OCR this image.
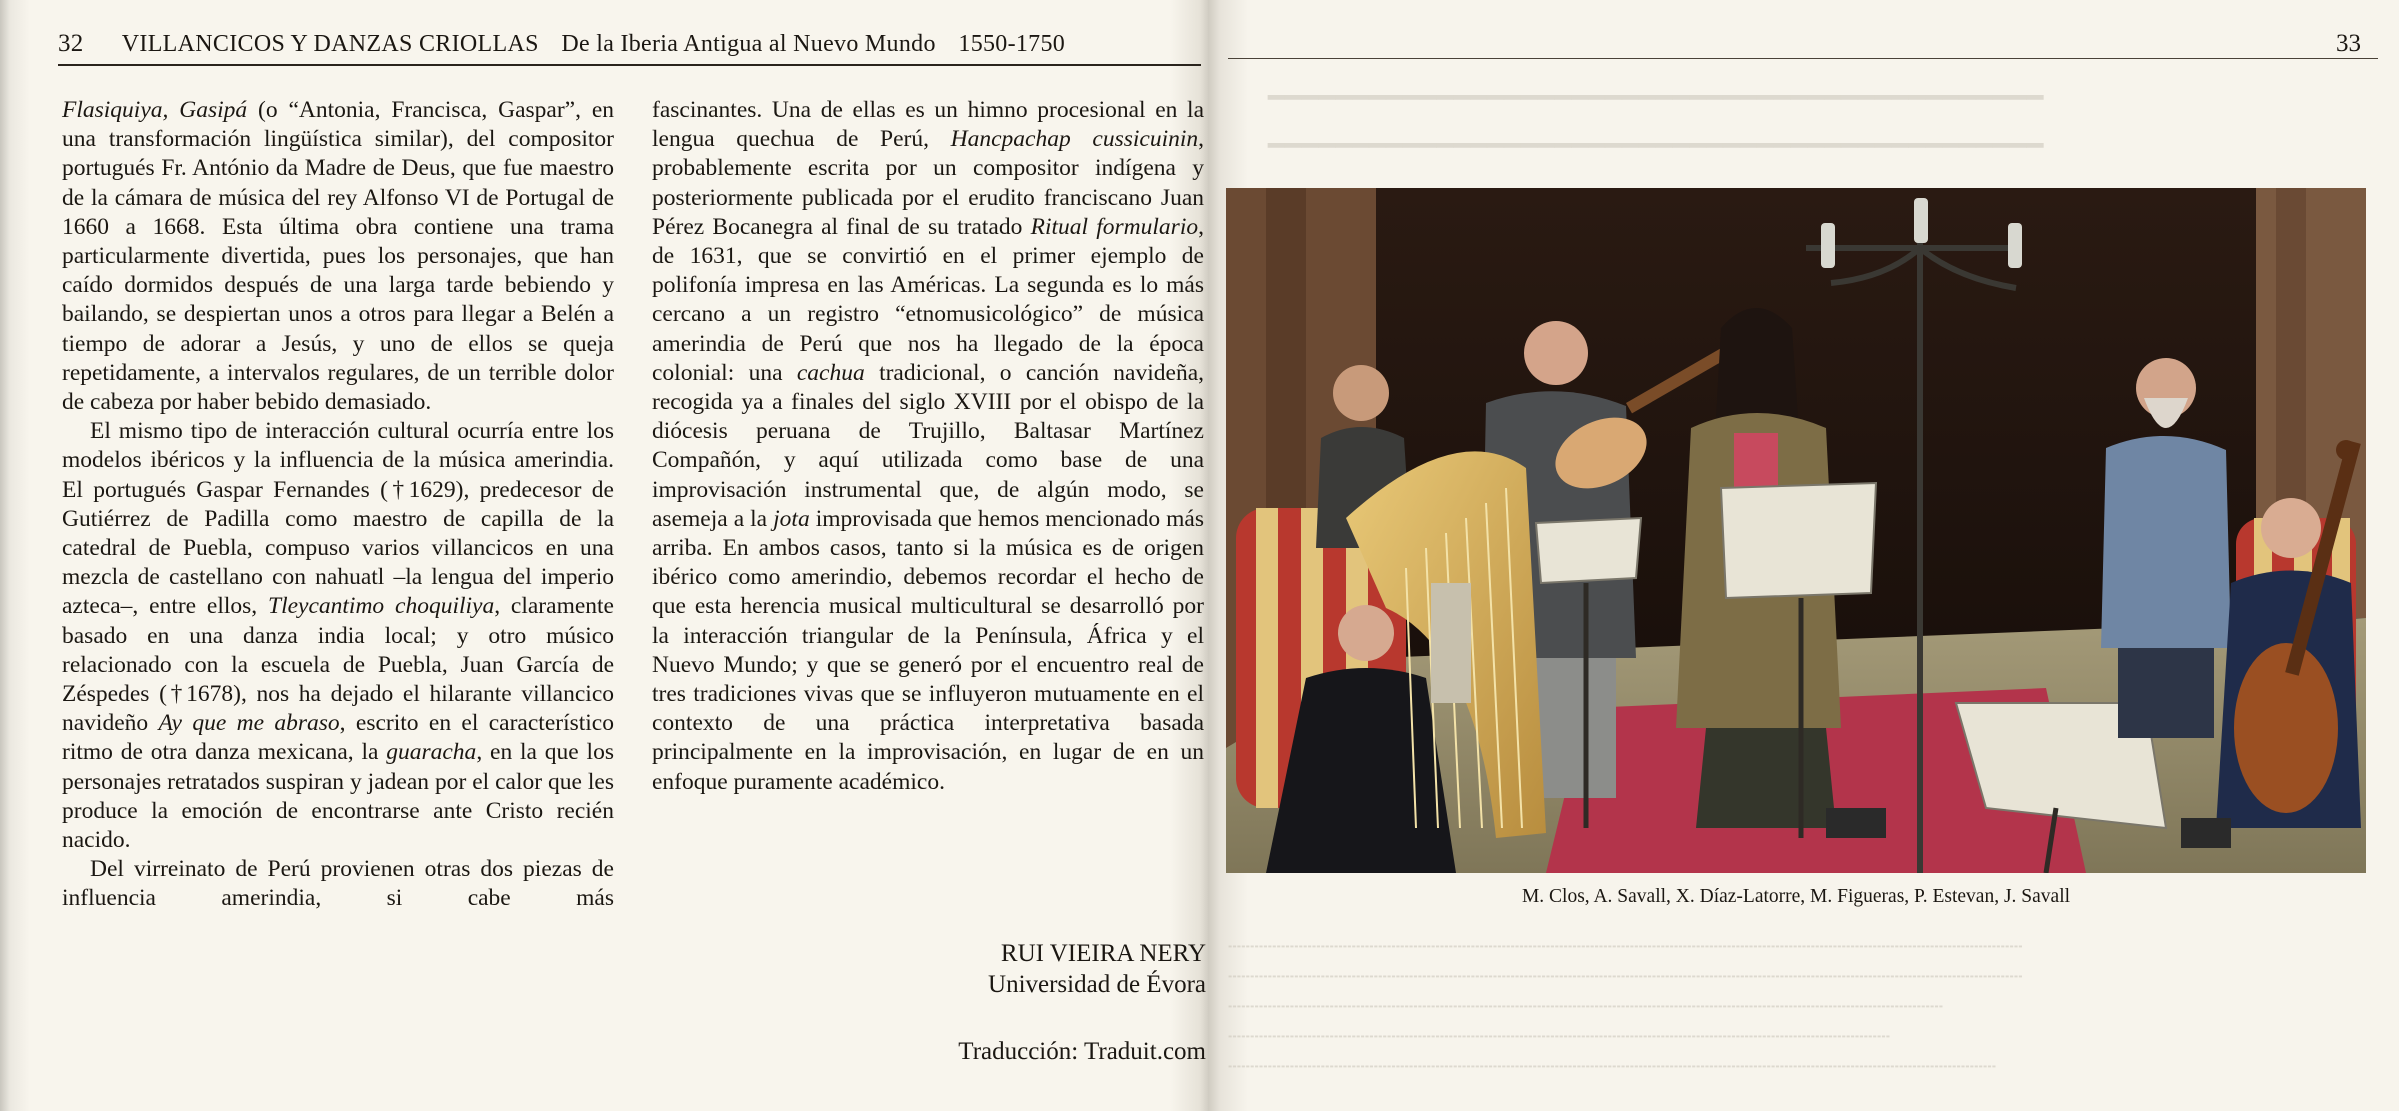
32 VILLANCICOS Y DANZAS CRIOLLAS De la Iberia Antigua al Nuevo Mundo 1550-1750

Flasiquiya, Gasipá (o “Antonia, Francisca, Gaspar”, en una transformación lingüística similar), del compositor portugués Fr. António da Madre de Deus, que fue maestro de la cámara de música del rey Alfonso VI de Portugal de 1660 a 1668. Esta última obra contiene una trama particularmente divertida, pues los personajes, que han caído dormidos después de una larga tarde bebiendo y bailando, se despiertan unos a otros para llegar a Belén a tiempo de adorar a Jesús, y uno de ellos se queja repetidamente, a intervalos regulares, de un terrible dolor de cabeza por haber bebido demasiado.

El mismo tipo de interacción cultural ocurría entre los modelos ibéricos y la influencia de la música amerindia. El portugués Gaspar Fernandes (†1629), predecesor de Gutiérrez de Padilla como maestro de capilla de la catedral de Puebla, compuso varios villancicos en una mezcla de castellano con nahuatl –la lengua del imperio azteca–, entre ellos, Tleycantimo choquiliya, claramente basado en una danza india local; y otro músico relacionado con la escuela de Puebla, Juan García de Zéspedes (†1678), nos ha dejado el hilarante villancico navideño Ay que me abraso, escrito en el característico ritmo de otra danza mexicana, la guaracha, en la que los personajes retratados suspiran y jadean por el calor que les produce la emoción de encontrarse ante Cristo recién nacido.

Del virreinato de Perú provienen otras dos piezas de influencia amerindia, si cabe más

fascinantes. Una de ellas es un himno procesional en la lengua quechua de Perú, Hancpachap cussicuinin, probablemente escrita por un compositor indígena y posteriormente publicada por el erudito franciscano Juan Pérez Bocanegra al final de su tratado Ritual formulario, de 1631, que se convirtió en el primer ejemplo de polifonía impresa en las Américas. La segunda es lo más cercano a un registro “etnomusicológico” de música amerindia de Perú que nos ha llegado de la época colonial: una cachua tradicional, o canción navideña, recogida ya a finales del siglo XVIII por el obispo de la diócesis peruana de Trujillo, Baltasar Martínez Compañón, y aquí utilizada como base de una improvisación instrumental que, de algún modo, se asemeja a la jota improvisada que hemos mencionado más arriba. En ambos casos, tanto si la música es de origen ibérico como amerindio, debemos recordar el hecho de que esta herencia musical multicultural se desarrolló por la interacción triangular de la Península, África y el Nuevo Mundo; y que se generó por el encuentro real de tres tradiciones vivas que se influyeron mutuamente en el contexto de una práctica interpretativa basada principalmente en la improvisación, en lugar de en un enfoque puramente académico.

RUI VIEIRA NERY
Universidad de Évora
Traducción: Traduit.com
33
━━━━━━━━━━━━━━━━━━━━━━━━━━━━━━━━━━━━━━━━━━━━━━
━━━━━━━━━━━━━━━━━━━━━━━━━━━━━━━━━━━━━━━━━━━━━━
┄┄┄┄┄┄┄┄┄┄┄┄┄┄┄┄┄┄┄┄┄┄┄┄┄┄┄┄┄┄┄┄┄┄┄┄┄┄┄┄┄┄┄┄┄┄┄┄┄┄┄┄┄┄┄┄┄┄┄┄
┄┄┄┄┄┄┄┄┄┄┄┄┄┄┄┄┄┄┄┄┄┄┄┄┄┄┄┄┄┄┄┄┄┄┄┄┄┄┄┄┄┄┄┄┄┄┄┄┄┄┄┄┄┄┄┄┄┄┄┄
┄┄┄┄┄┄┄┄┄┄┄┄┄┄┄┄┄┄┄┄┄┄┄┄┄┄┄┄┄┄┄┄┄┄┄┄┄┄┄┄┄┄┄┄┄┄┄┄┄┄┄┄┄┄
┄┄┄┄┄┄┄┄┄┄┄┄┄┄┄┄┄┄┄┄┄┄┄┄┄┄┄┄┄┄┄┄┄┄┄┄┄┄┄┄┄┄┄┄┄┄┄┄┄┄
┄┄┄┄┄┄┄┄┄┄┄┄┄┄┄┄┄┄┄┄┄┄┄┄┄┄┄┄┄┄┄┄┄┄┄┄┄┄┄┄┄┄┄┄┄┄┄┄┄┄┄┄┄┄┄┄┄┄
M. Clos, A. Savall, X. Díaz-Latorre, M. Figueras, P. Estevan, J. Savall
